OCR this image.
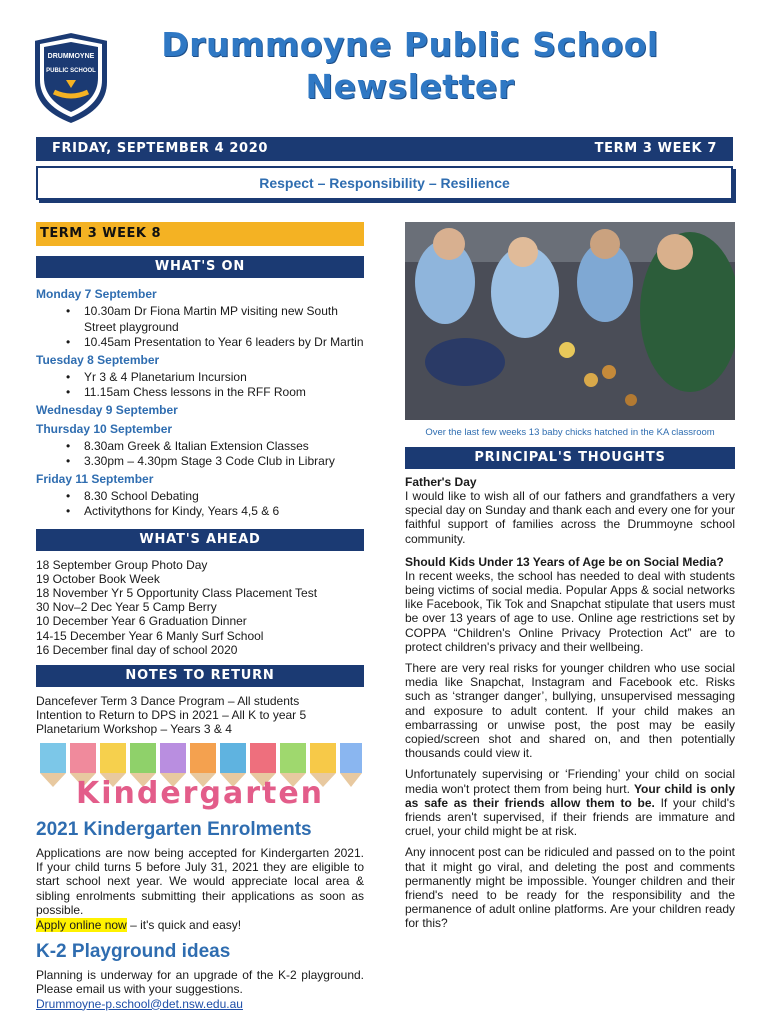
DRUMMOYNE
PUBLIC SCHOOL
Drummoyne Public School
Newsletter
FRIDAY, SEPTEMBER 4 2020	TERM 3 WEEK 7
Respect – Responsibility – Resilience
TERM 3 WEEK 8
WHAT'S ON
Monday 7 September
• 10.30am Dr Fiona Martin MP visiting new South Street playground
• 10.45am Presentation to Year 6 leaders by Dr Martin
Tuesday 8 September
• Yr 3 & 4 Planetarium Incursion
• 11.15am Chess lessons in the RFF Room
Wednesday 9 September
Thursday 10 September
• 8.30am Greek & Italian Extension Classes
• 3.30pm – 4.30pm Stage 3 Code Club in Library
Friday 11 September
• 8.30 School Debating
• Activitythons for Kindy, Years 4,5 & 6
WHAT'S AHEAD
18 September Group Photo Day
19 October Book Week
18 November Yr 5 Opportunity Class Placement Test
30 Nov–2 Dec Year 5 Camp Berry
10 December Year 6 Graduation Dinner
14-15 December Year 6 Manly Surf School
16 December final day of school 2020
NOTES TO RETURN
Dancefever Term 3 Dance Program – All students
Intention to Return to DPS in 2021 – All K to year 5
Planetarium Workshop – Years 3 & 4
Kindergarten
2021 Kindergarten Enrolments
Applications are now being accepted for Kindergarten 2021. If your child turns 5 before July 31, 2021 they are eligible to start school next year. We would appreciate local area & sibling enrolments submitting their applications as soon as possible.
Apply online now – it's quick and easy!
K-2 Playground ideas
Planning is underway for an upgrade of the K-2 playground. Please email us with your suggestions.
Drummoyne-p.school@det.nsw.edu.au
Over the last few weeks 13 baby chicks hatched in the KA classroom
PRINCIPAL'S THOUGHTS
Father's Day
I would like to wish all of our fathers and grandfathers a very special day on Sunday and thank each and every one for your faithful support of families across the Drummoyne school community.
Should Kids Under 13 Years of Age be on Social Media?
In recent weeks, the school has needed to deal with students being victims of social media. Popular Apps & social networks like Facebook, Tik Tok and Snapchat stipulate that users must be over 13 years of age to use. Online age restrictions set by COPPA “Children's Online Privacy Protection Act” are to protect children's privacy and their wellbeing.
There are very real risks for younger children who use social media like Snapchat, Instagram and Facebook etc. Risks such as ‘stranger danger’, bullying, unsupervised messaging and exposure to adult content. If your child makes an embarrassing or unwise post, the post may be easily copied/screen shot and shared on, and then potentially thousands could view it.
Unfortunately supervising or ‘Friending’ your child on social media won't protect them from being hurt. Your child is only as safe as their friends allow them to be. If your child's friends aren't supervised, if their friends are immature and cruel, your child might be at risk.
Any innocent post can be ridiculed and passed on to the point that it might go viral, and deleting the post and comments permanently might be impossible. Younger children and their friend's need to be ready for the responsibility and the permanence of adult online platforms. Are your children ready for this?
